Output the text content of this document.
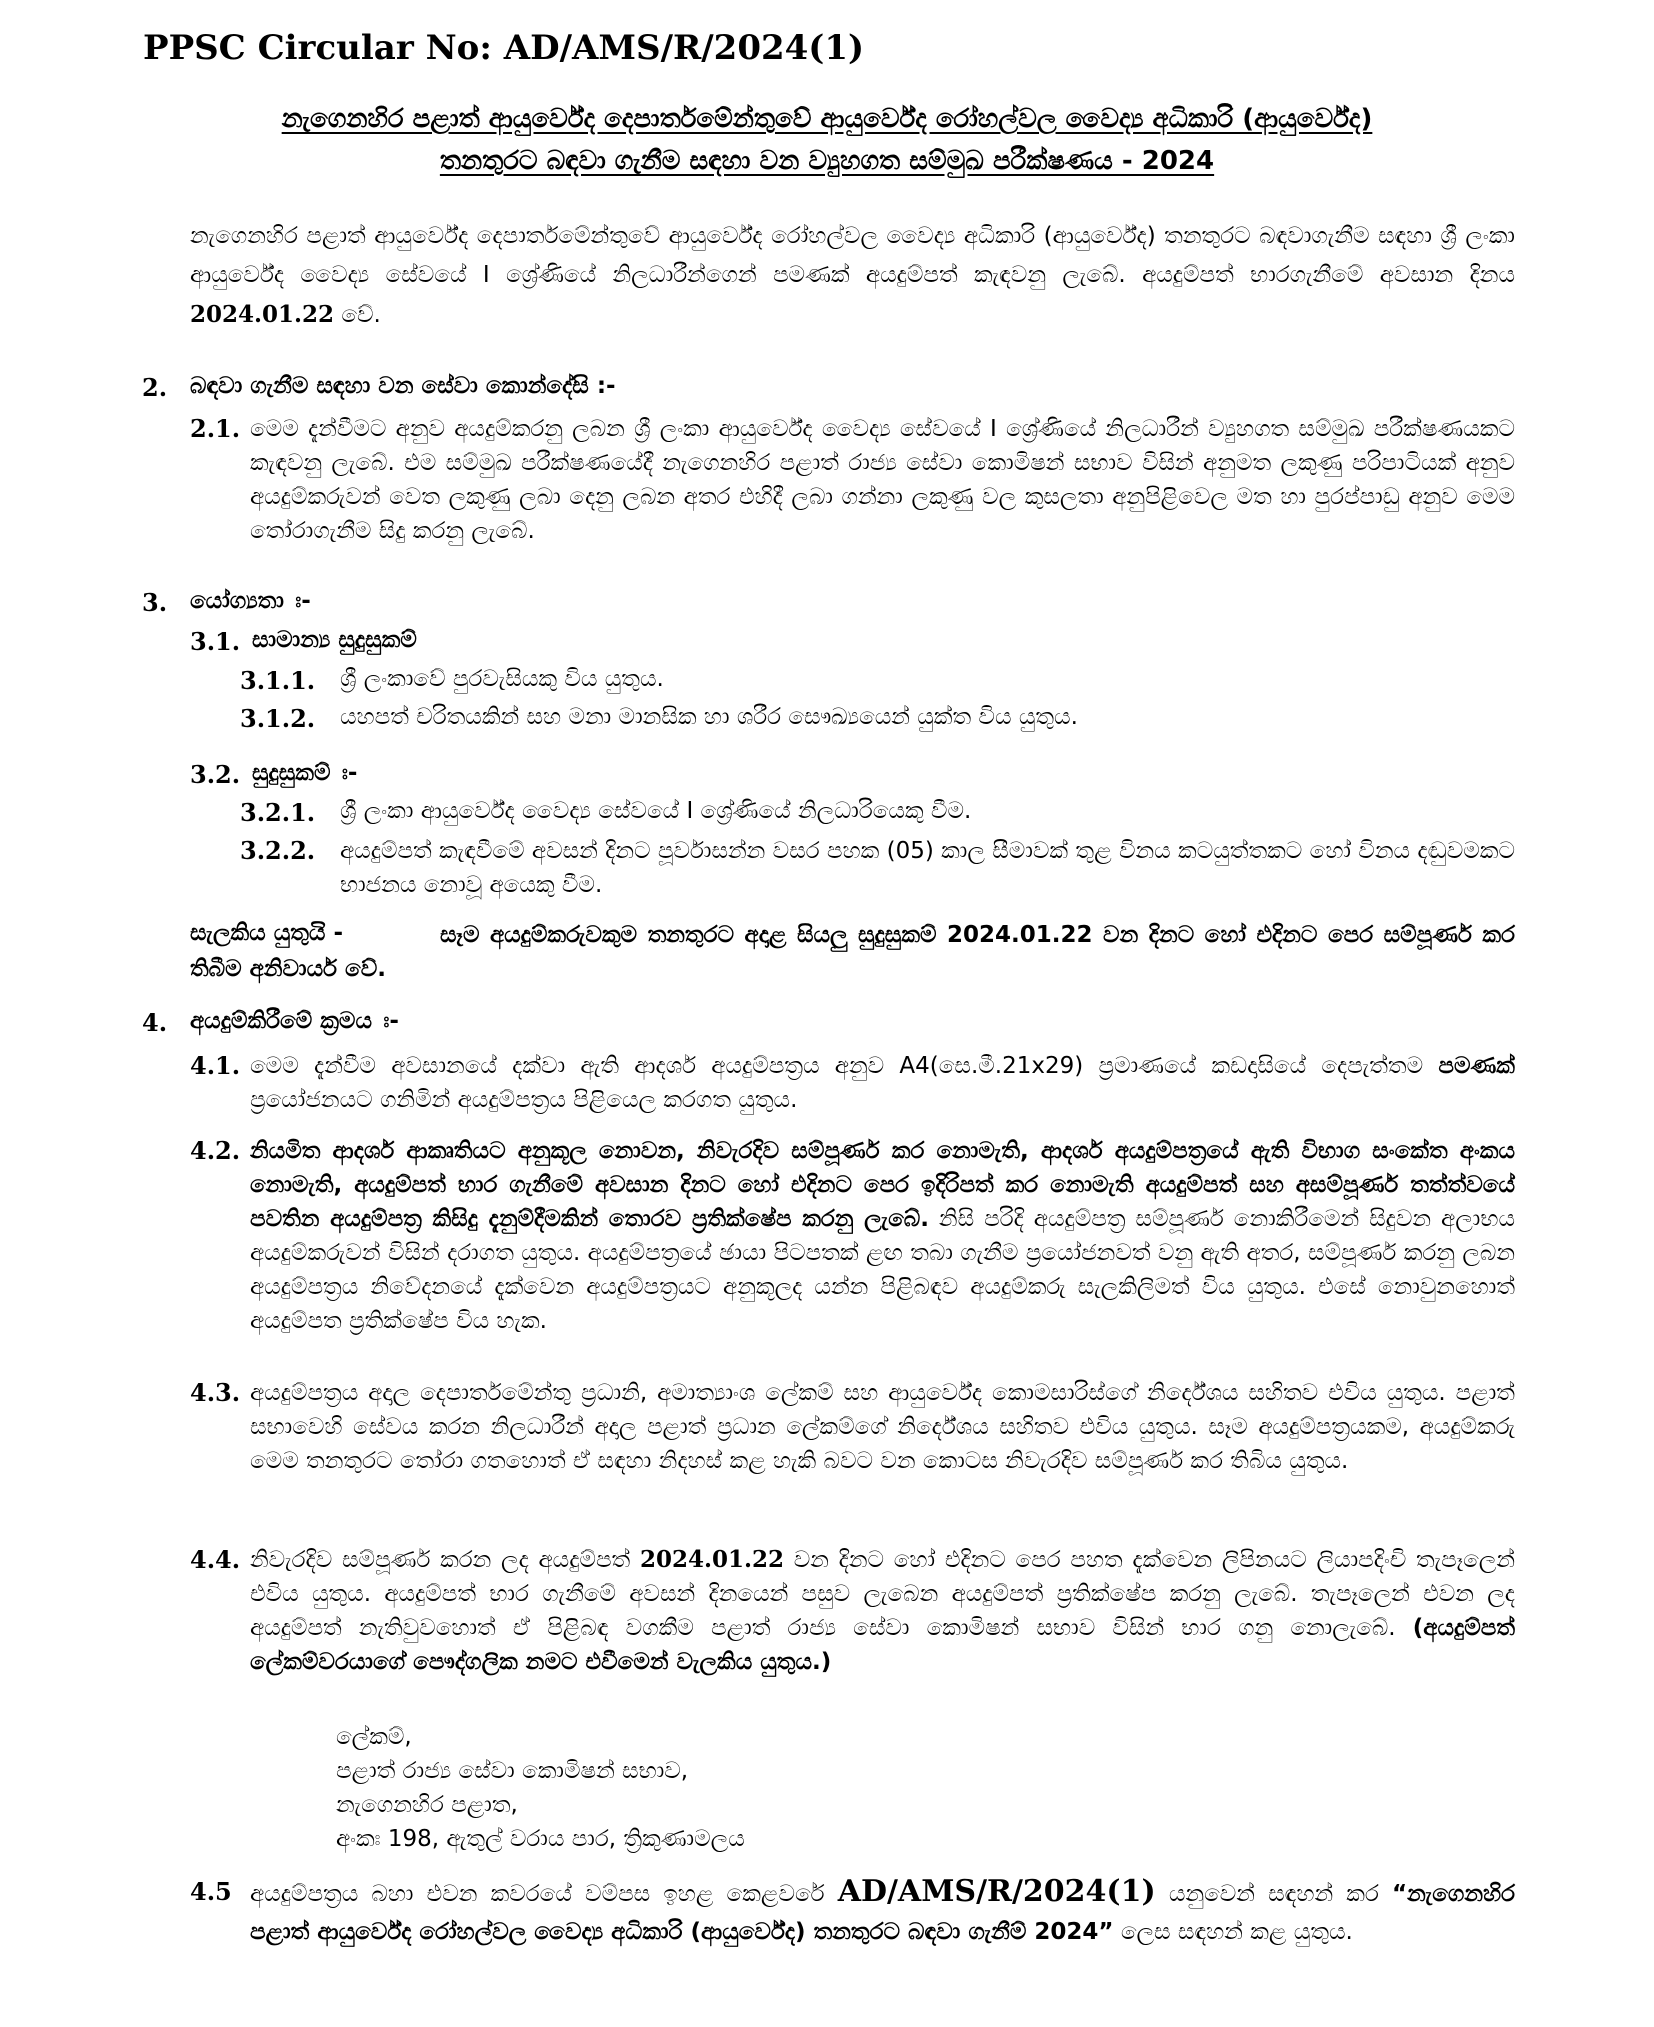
PPSC Circular No: AD/AMS/R/2024(1)
නැගෙනහිර පළාත් ආයුර්වේද දෙපාර්තමේන්තුවේ ආයුර්වේද රෝහල්වල වෛද්‍ය අධිකාරි (ආයුර්වේද)
තනතුරට බඳවා ගැනීම සඳහා වන ව්‍යුහගත සම්මුඛ පරීක්ෂණය - 2024
නැගෙනහිර පළාත් ආයුර්වේද දෙපාර්තමේන්තුවේ ආයුර්වේද රෝහල්වල වෛද්‍ය අධිකාරි (ආයුර්වේද) තනතුරට බඳවාගැනීම සඳහා ශ්‍රී ලංකා ආයුර්වේද වෛද්‍ය සේවයේ I ශ්‍රේණියේ නිලධාරීන්ගෙන් පමණක් අයදුම්පත් කැඳවනු ලැබේ. අයදුම්පත් භාරගැනීමේ අවසාන දිනය 2024.01.22 වේ.
2. බඳවා ගැනීම සඳහා වන සේවා කොන්දේසි :-
2.1. මෙම දැන්වීමට අනුව අයදුම්කරනු ලබන ශ්‍රී ලංකා ආයුර්වේද වෛද්‍ය සේවයේ I ශ්‍රේණියේ නිලධාරීන් ව්‍යුහගත සම්මුඛ පරීක්ෂණයකට කැඳවනු ලැබේ. එම සම්මුඛ පරීක්ෂණයේදී නැගෙනහිර පළාත් රාජ්‍ය සේවා කොමිෂන් සභාව විසින් අනුමත ලකුණු පරිපාටියක් අනුව අයදුම්කරුවන් වෙත ලකුණු ලබා දෙනු ලබන අතර එහිදී ලබා ගන්නා ලකුණු වල කුසලතා අනුපිළිවෙල මත හා පුරප්පාඩු අනුව මෙම තෝරාගැනීම සිදු කරනු ලැබේ.
3. යෝග්‍යතා ඃ-
3.1. සාමාන්‍ය සුදුසුකම්
3.1.1. ශ්‍රී ලංකාවේ පුරවැසියකු විය යුතුය.
3.1.2. යහපත් චරිතයකින් සහ මනා මානසික හා ශරීර සෞඛ්‍යයෙන් යුක්ත විය යුතුය.
3.2. සුදුසුකම් ඃ-
3.2.1. ශ්‍රී ලංකා ආයුර්වේද වෛද්‍ය සේවයේ I ශ්‍රේණියේ නිලධාරියෙකු වීම.
3.2.2. අයදුම්පත් කැඳවීමේ අවසන් දිනට පූර්වාසන්න වසර පහක (05) කාල සීමාවක් තුළ විනය කටයුත්තකට හෝ විනය දඬුවමකට භාජනය නොවූ අයෙකු වීම.
සැලකිය යුතුයි -	සෑම අයදුම්කරුවකුම තනතුරට අදාළ සියලු සුදුසුකම් 2024.01.22 වන දිනට හෝ එදිනට පෙර සම්පූර්ණ කර තිබීම අනිවාර්ය වේ.
4. අයදුම්කිරීමේ ක්‍රමය ඃ-
4.1. මෙම දැන්වීම අවසානයේ දක්වා ඇති ආදර්ශ අයදුම්පත්‍රය අනුව A4(සෙ.මී.21x29) ප්‍රමාණයේ කඩදාසියේ දෙපැත්තම පමණක් ප්‍රයෝජනයට ගනිමින් අයදුම්පත්‍රය පිළියෙල කරගත යුතුය.
4.2. නියමිත ආදර්ශ ආකෘතියට අනුකූල නොවන, නිවැරදිව සම්පූර්ණ කර නොමැති, ආදර්ශ අයදුම්පත්‍රයේ ඇති විභාග සංකේත අංකය නොමැති, අයදුම්පත් භාර ගැනීමේ අවසාන දිනට හෝ එදිනට පෙර ඉදිරිපත් කර නොමැති අයදුම්පත් සහ අසම්පූර්ණ තත්ත්වයේ පවතින අයදුම්පත්‍ර කිසිදු දැනුම්දීමකින් තොරව ප්‍රතික්ෂේප කරනු ලැබේ. නිසි පරිදි අයදුම්පත්‍ර සම්පූර්ණ නොකිරීමෙන් සිදුවන අලාභය අයදුම්කරුවන් විසින් දරාගත යුතුය. අයදුම්පත්‍රයේ ඡායා පිටපතක් ළඟ තබා ගැනීම ප්‍රයෝජනවත් වනු ඇති අතර, සම්පූර්ණ කරනු ලබන අයදුම්පත්‍රය නිවේදනයේ දැක්වෙන අයදුම්පත්‍රයට අනුකූලද යන්න පිළිබඳව අයදුම්කරු සැලකිලිමත් විය යුතුය. එසේ නොවුනහොත් අයදුම්පත ප්‍රතික්ෂේප විය හැක.
4.3. අයදුම්පත්‍රය අදාල දෙපාර්තමේන්තු ප්‍රධානි, අමාත්‍යාංශ ලේකම් සහ ආයුර්වේද කොමසාරිස්ගේ නිර්දේශය සහිතව එවිය යුතුය. පළාත් සභාවෙහි සේවය කරන නිලධාරීන් අදාල පළාත් ප්‍රධාන ලේකම්ගේ නිර්දේශය සහිතව එවිය යුතුය. සෑම අයදුම්පත්‍රයකම, අයදුම්කරු මෙම තනතුරට තෝරා ගතහොත් ඒ සඳහා නිදහස් කළ හැකි බවට වන කොටස නිවැරදිව සම්පූර්ණ කර තිබිය යුතුය.
4.4. නිවැරදිව සම්පූර්ණ කරන ලද අයදුම්පත් 2024.01.22 වන දිනට හෝ එදිනට පෙර පහත දැක්වෙන ලිපිනයට ලියාපදිංචි තැපෑලෙන් එවිය යුතුය. අයදුම්පත් භාර ගැනීමේ අවසන් දිනයෙන් පසුව ලැබෙන අයදුම්පත් ප්‍රතික්ෂේප කරනු ලැබේ. තැපෑලෙන් එවන ලද අයදුම්පත් නැතිවුවහොත් ඒ පිළිබඳ වගකීම පළාත් රාජ්‍ය සේවා කොමිෂන් සභාව විසින් භාර ගනු නොලැබේ. (අයදුම්පත් ලේකම්වරයාගේ පෞද්ගලික නමට එවීමෙන් වැලකිය යුතුය.)
ලේකම්,
පළාත් රාජ්‍ය සේවා කොමිෂන් සභාව,
නැගෙනහිර පළාත,
අංකඃ 198, ඇතුල් වරාය පාර, ත්‍රිකුණාමලය
4.5 අයදුම්පත්‍රය බහා එවන කවරයේ වම්පස ඉහළ කෙළවරේ AD/AMS/R/2024(1) යනුවෙන් සඳහන් කර “නැගෙනහිර පළාත් ආයුර්වේද රෝහල්වල වෛද්‍ය අධිකාරි (ආයුර්වේද) තනතුරට බඳවා ගැනීම් 2024” ලෙස සඳහන් කළ යුතුය.
